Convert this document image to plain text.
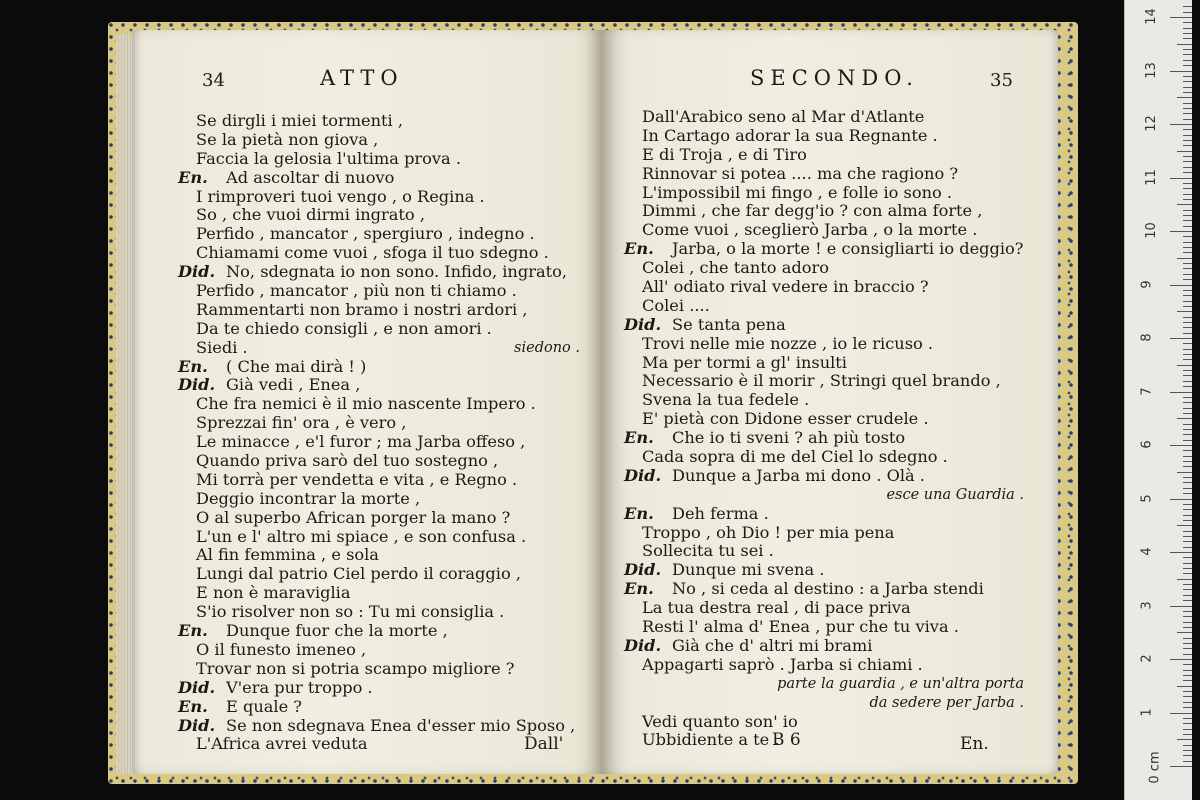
34	ATTO
Se dirgli i miei tormenti ,
Se la pietà non giova ,
Faccia la gelosia l'ultima prova .
En. Ad ascoltar di nuovo
I rimproveri tuoi vengo , o Regina .
So , che vuoi dirmi ingrato ,
Perfido , mancator , spergiuro , indegno .
Chiamami come vuoi , sfoga il tuo sdegno .
Did. No, sdegnata io non sono. Infido, ingrato,
Perfido , mancator , più non ti chiamo .
Rammentarti non bramo i nostri ardori ,
Da te chiedo consigli , e non amori .
Siedi .	siedono .
En. ( Che mai dirà ! )
Did. Già vedi , Enea ,
Che fra nemici è il mio nascente Impero .
Sprezzai fin' ora , è vero ,
Le minacce , e'l furor ; ma Jarba offeso ,
Quando priva sarò del tuo sostegno ,
Mi torrà per vendetta e vita , e Regno .
Deggio incontrar la morte ,
O al superbo African porger la mano ?
L'un e l' altro mi spiace , e son confusa .
Al fin femmina , e sola
Lungi dal patrio Ciel perdo il coraggio ,
E non è maraviglia
S'io risolver non so : Tu mi consiglia .
En. Dunque fuor che la morte ,
O il funesto imeneo ,
Trovar non si potria scampo migliore ?
Did. V'era pur troppo .
En. E quale ?
Did. Se non sdegnava Enea d'esser mio Sposo ,
L'Africa avrei veduta	Dall'
SECONDO.	35
Dall'Arabico seno al Mar d'Atlante
In Cartago adorar la sua Regnante .
E di Troja , e di Tiro
Rinnovar si potea .... ma che ragiono ?
L'impossibil mi fingo , e folle io sono .
Dimmi , che far degg'io ? con alma forte ,
Come vuoi , sceglierò Jarba , o la morte .
En. Jarba, o la morte ! e consigliarti io deggio?
Colei , che tanto adoro
All' odiato rival vedere in braccio ?
Colei ....
Did. Se tanta pena
Trovi nelle mie nozze , io le ricuso .
Ma per tormi a gl' insulti
Necessario è il morir , Stringi quel brando ,
Svena la tua fedele .
E' pietà con Didone esser crudele .
En. Che io ti sveni ? ah più tosto
Cada sopra di me del Ciel lo sdegno .
Did. Dunque a Jarba mi dono . Olà .
esce una Guardia .
En. Deh ferma .
Troppo , oh Dio ! per mia pena
Sollecita tu sei .
Did. Dunque mi svena .
En. No , si ceda al destino : a Jarba stendi
La tua destra real , di pace priva
Resti l' alma d' Enea , pur che tu viva .
Did. Già che d' altri mi brami
Appagarti saprò . Jarba si chiami .
parte la guardia , e un'altra porta
da sedere per Jarba .
Vedi quanto son' io
Ubbidiente a te .
B 6	En.
0 cm
1
2
3
4
5
6
7
8
9
10
11
12
13
14
